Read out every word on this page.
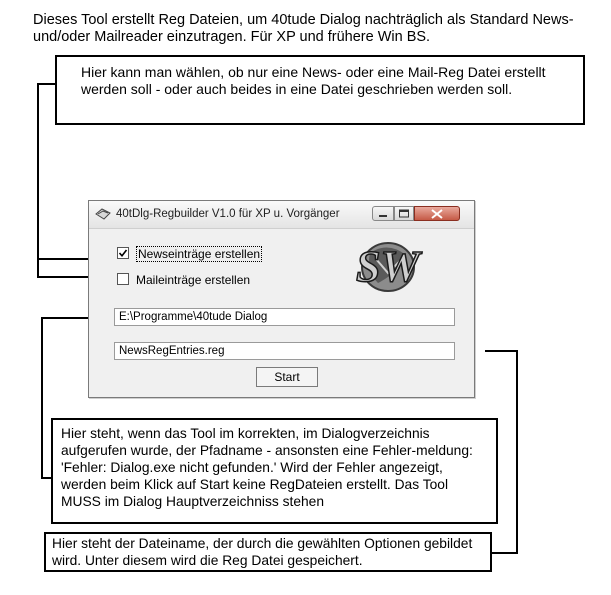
Dieses Tool erstellt Reg Dateien, um 40tude Dialog nachträglich als Standard News- und/oder Mailreader einzutragen. Für XP und frühere Win BS.

Hier kann man wählen, ob nur eine News- oder eine Mail-Reg Datei erstellt werden soll - oder auch beides in eine Datei geschrieben werden soll.
40tDlg-Regbuilder V1.0 für XP u. Vorgänger
Newseinträge erstellen
Maileinträge erstellen SW
E:\Programme\40tude Dialog
NewsRegEntries.reg
Start
Hier steht, wenn das Tool im korrekten, im Dialogverzeichnis aufgerufen wurde, der Pfadname - ansonsten eine Fehler-meldung: 'Fehler: Dialog.exe nicht gefunden.' Wird der Fehler angezeigt, werden beim Klick auf Start keine RegDateien erstellt. Das Tool MUSS im Dialog Hauptverzeichniss stehen
Hier steht der Dateiname, der durch die gewählten Optionen gebildet wird. Unter diesem wird die Reg Datei gespeichert.
